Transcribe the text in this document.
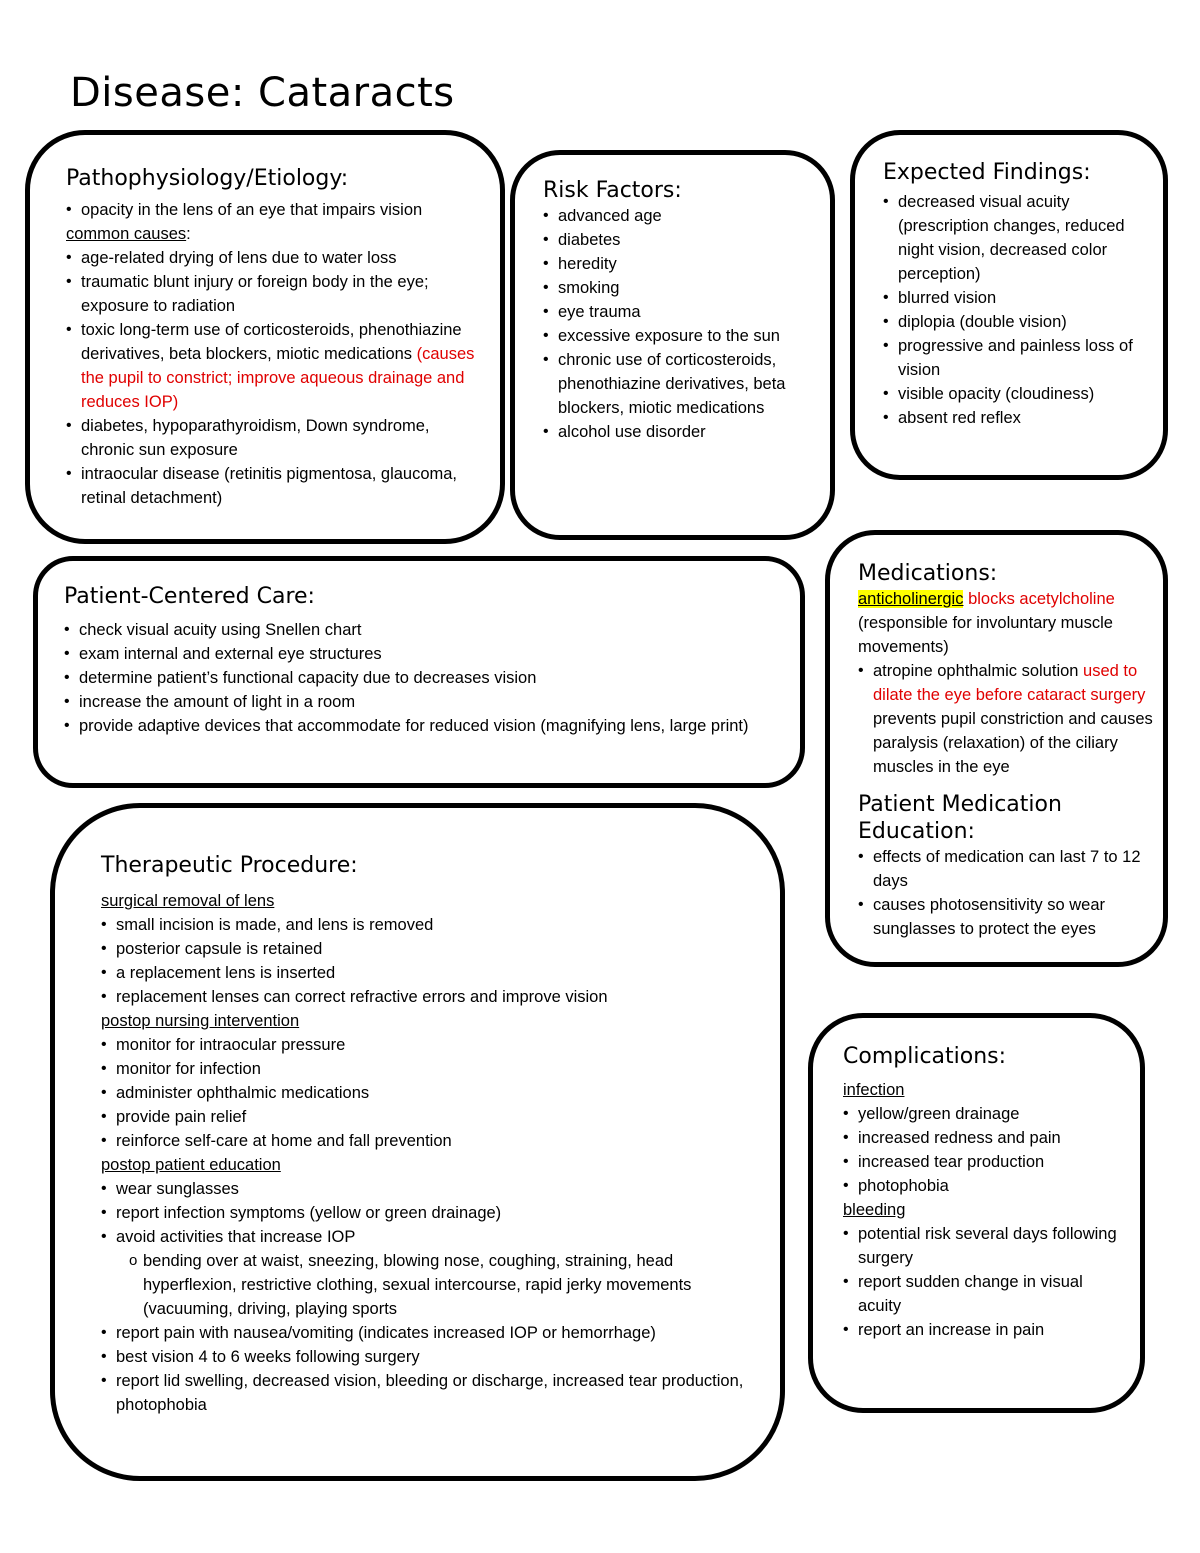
Disease: Cataracts
Pathophysiology/Etiology:
• opacity in the lens of an eye that impairs vision

common causes:

• age-related drying of lens due to water loss
• traumatic blunt injury or foreign body in the eye; exposure to radiation
• toxic long-term use of corticosteroids, phenothiazine derivatives, beta blockers, miotic medications (causes the pupil to constrict; improve aqueous drainage and reduces IOP)
• diabetes, hypoparathyroidism, Down syndrome, chronic sun exposure
• intraocular disease (retinitis pigmentosa, glaucoma, retinal detachment)
Risk Factors:
• advanced age
• diabetes
• heredity
• smoking
• eye trauma
• excessive exposure to the sun
• chronic use of corticosteroids, phenothiazine derivatives, beta blockers, miotic medications
• alcohol use disorder
Expected Findings:
• decreased visual acuity (prescription changes, reduced night vision, decreased color perception)
• blurred vision
• diplopia (double vision)
• progressive and painless loss of vision
• visible opacity (cloudiness)
• absent red reflex
Patient-Centered Care:
• check visual acuity using Snellen chart
• exam internal and external eye structures
• determine patient’s functional capacity due to decreases vision
• increase the amount of light in a room
• provide adaptive devices that accommodate for reduced vision (magnifying lens, large print)
Medications:

anticholinergic blocks acetylcholine (responsible for involuntary muscle movements)

• atropine ophthalmic solution used to dilate the eye before cataract surgery prevents pupil constriction and causes paralysis (relaxation) of the ciliary muscles in the eye
Patient Medication Education:
• effects of medication can last 7 to 12 days
• causes photosensitivity so wear sunglasses to protect the eyes
Therapeutic Procedure:

surgical removal of lens

• small incision is made, and lens is removed
• posterior capsule is retained
• a replacement lens is inserted
• replacement lenses can correct refractive errors and improve vision

postop nursing intervention

• monitor for intraocular pressure
• monitor for infection
• administer ophthalmic medications
• provide pain relief
• reinforce self-care at home and fall prevention

postop patient education

• wear sunglasses
• report infection symptoms (yellow or green drainage)
• avoid activities that increase IOP
o bending over at waist, sneezing, blowing nose, coughing, straining, head hyperflexion, restrictive clothing, sexual intercourse, rapid jerky movements (vacuuming, driving, playing sports
• report pain with nausea/vomiting (indicates increased IOP or hemorrhage)
• best vision 4 to 6 weeks following surgery
• report lid swelling, decreased vision, bleeding or discharge, increased tear production, photophobia
Complications:

infection

• yellow/green drainage
• increased redness and pain
• increased tear production
• photophobia

bleeding

• potential risk several days following surgery
• report sudden change in visual acuity
• report an increase in pain
